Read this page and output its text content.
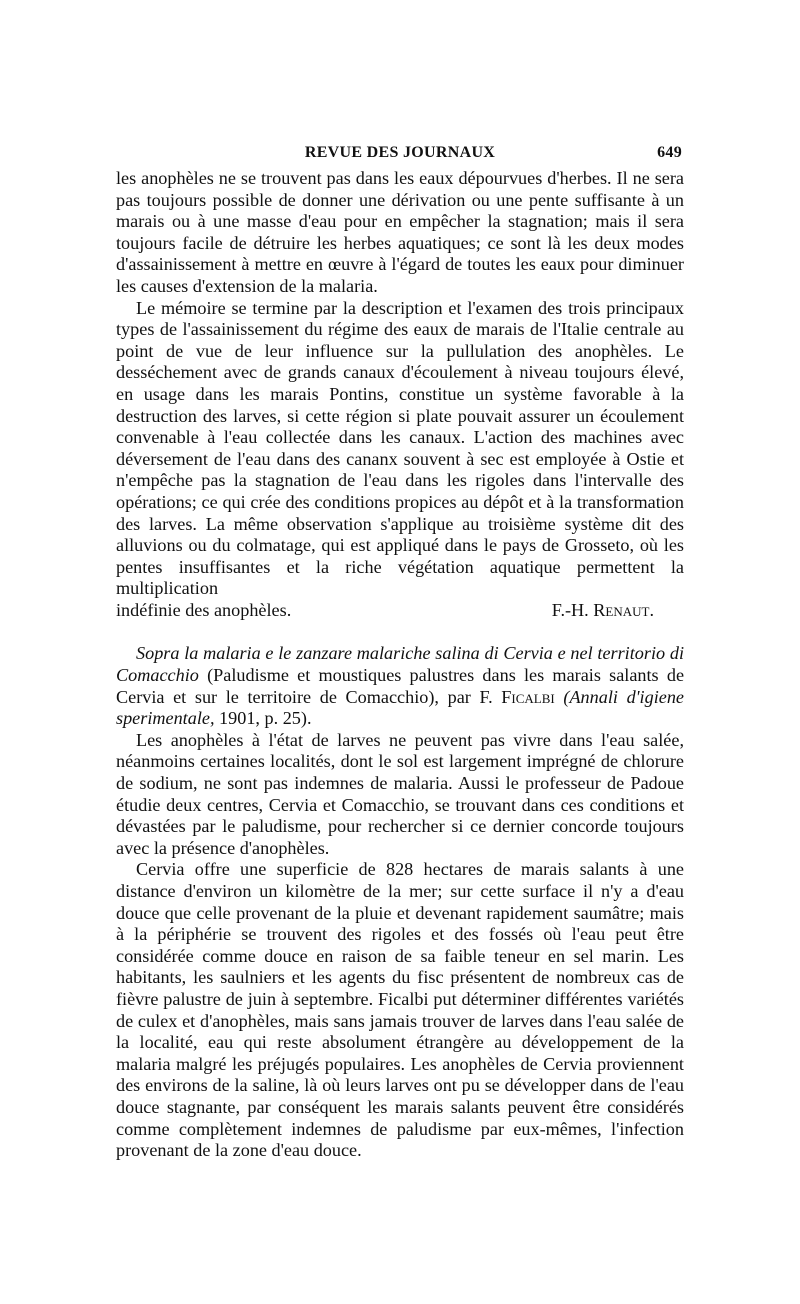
REVUE DES JOURNAUX	649

les anophèles ne se trouvent pas dans les eaux dépourvues d'herbes. Il ne sera pas toujours possible de donner une dérivation ou une pente suffisante à un marais ou à une masse d'eau pour en empêcher la stagnation; mais il sera toujours facile de détruire les herbes aquatiques; ce sont là les deux modes d'assainissement à mettre en œuvre à l'égard de toutes les eaux pour diminuer les causes d'extension de la malaria.

Le mémoire se termine par la description et l'examen des trois principaux types de l'assainissement du régime des eaux de marais de l'Italie centrale au point de vue de leur influence sur la pullulation des anophèles. Le desséchement avec de grands canaux d'écoulement à niveau toujours élevé, en usage dans les marais Pontins, constitue un système favorable à la destruction des larves, si cette région si plate pouvait assurer un écoulement convenable à l'eau collectée dans les canaux. L'action des machines avec déversement de l'eau dans des cananx souvent à sec est employée à Ostie et n'empêche pas la stagnation de l'eau dans les rigoles dans l'intervalle des opérations; ce qui crée des conditions propices au dépôt et à la transformation des larves. La même observation s'applique au troisième système dit des alluvions ou du colmatage, qui est appliqué dans le pays de Grosseto, où les pentes insuffisantes et la riche végétation aquatique permettent la multiplication

indéfinie des anophèles.	F.-H. Renaut.

Sopra la malaria e le zanzare malariche salina di Cervia e nel territorio di Comacchio (Paludisme et moustiques palustres dans les marais salants de Cervia et sur le territoire de Comacchio), par F. Ficalbi (Annali d'igiene sperimentale, 1901, p. 25).

Les anophèles à l'état de larves ne peuvent pas vivre dans l'eau salée, néanmoins certaines localités, dont le sol est largement imprégné de chlorure de sodium, ne sont pas indemnes de malaria. Aussi le professeur de Padoue étudie deux centres, Cervia et Comacchio, se trouvant dans ces conditions et dévastées par le paludisme, pour rechercher si ce dernier concorde toujours avec la présence d'anophèles.

Cervia offre une superficie de 828 hectares de marais salants à une distance d'environ un kilomètre de la mer; sur cette surface il n'y a d'eau douce que celle provenant de la pluie et devenant rapidement saumâtre; mais à la périphérie se trouvent des rigoles et des fossés où l'eau peut être considérée comme douce en raison de sa faible teneur en sel marin. Les habitants, les saulniers et les agents du fisc présentent de nombreux cas de fièvre palustre de juin à septembre. Ficalbi put déterminer différentes variétés de culex et d'anophèles, mais sans jamais trouver de larves dans l'eau salée de la localité, eau qui reste absolument étrangère au développement de la malaria malgré les préjugés populaires. Les anophèles de Cervia proviennent des environs de la saline, là où leurs larves ont pu se développer dans de l'eau douce stagnante, par conséquent les marais salants peuvent être considérés comme complètement indemnes de paludisme par eux-mêmes, l'infection provenant de la zone d'eau douce.
